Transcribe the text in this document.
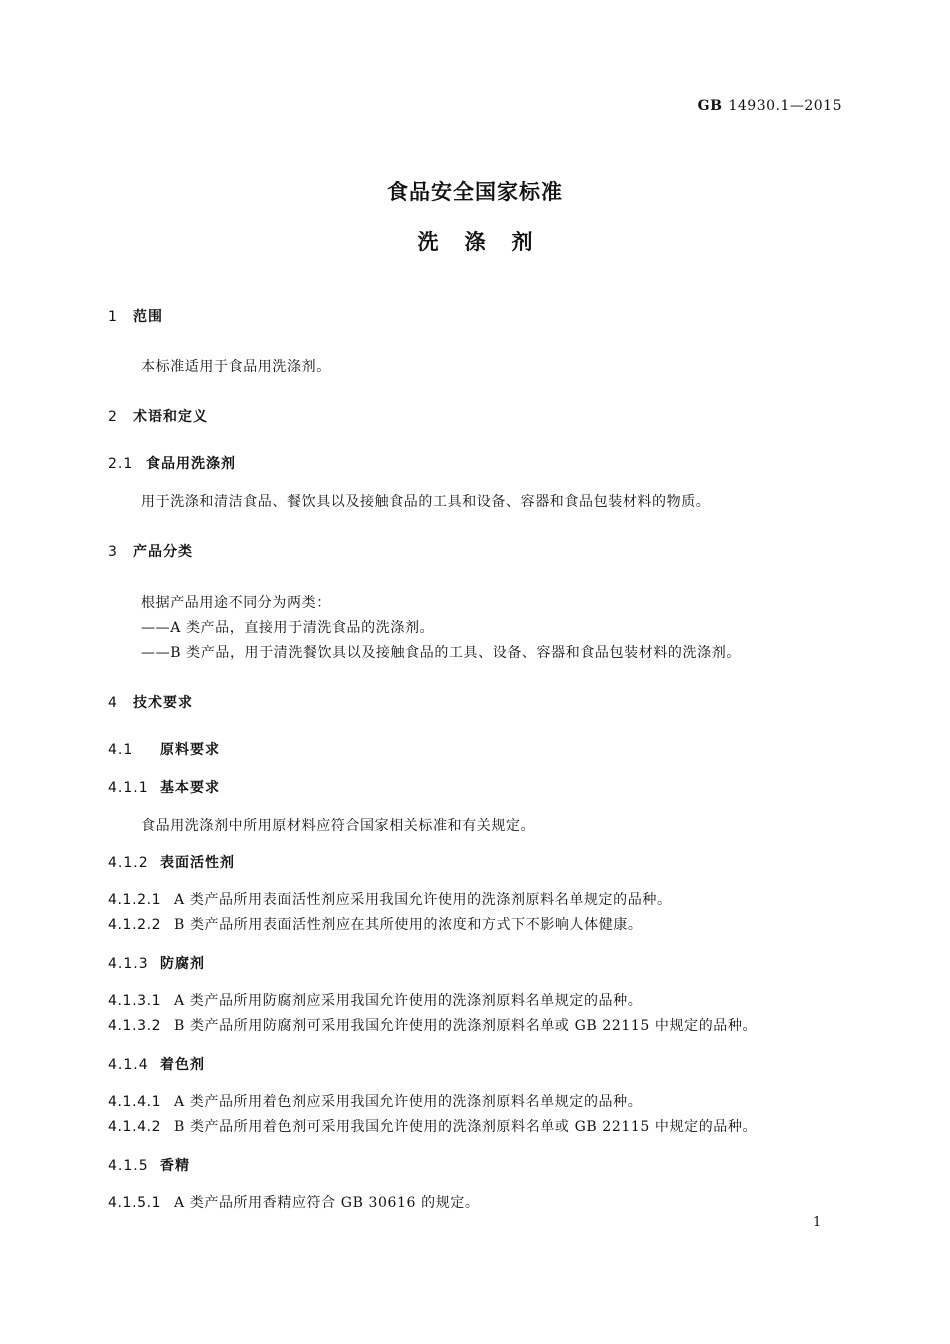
GB 14930.1—2015
食品安全国家标准
洗涤剂
1 范围
本标准适用于食品用洗涤剂。
2 术语和定义
2.1 食品用洗涤剂
用于洗涤和清洁食品、餐饮具以及接触食品的工具和设备、容器和食品包装材料的物质。
3 产品分类
根据产品用途不同分为两类：
——A 类产品，直接用于清洗食品的洗涤剂。
——B 类产品，用于清洗餐饮具以及接触食品的工具、设备、容器和食品包装材料的洗涤剂。
4 技术要求
4.1 原料要求
4.1.1 基本要求
食品用洗涤剂中所用原材料应符合国家相关标准和有关规定。
4.1.2 表面活性剂
4.1.2.1 A 类产品所用表面活性剂应采用我国允许使用的洗涤剂原料名单规定的品种。
4.1.2.2 B 类产品所用表面活性剂应在其所使用的浓度和方式下不影响人体健康。
4.1.3 防腐剂
4.1.3.1 A 类产品所用防腐剂应采用我国允许使用的洗涤剂原料名单规定的品种。
4.1.3.2 B 类产品所用防腐剂可采用我国允许使用的洗涤剂原料名单或 GB 22115 中规定的品种。
4.1.4 着色剂
4.1.4.1 A 类产品所用着色剂应采用我国允许使用的洗涤剂原料名单规定的品种。
4.1.4.2 B 类产品所用着色剂可采用我国允许使用的洗涤剂原料名单或 GB 22115 中规定的品种。
4.1.5 香精
4.1.5.1 A 类产品所用香精应符合 GB 30616 的规定。
1
